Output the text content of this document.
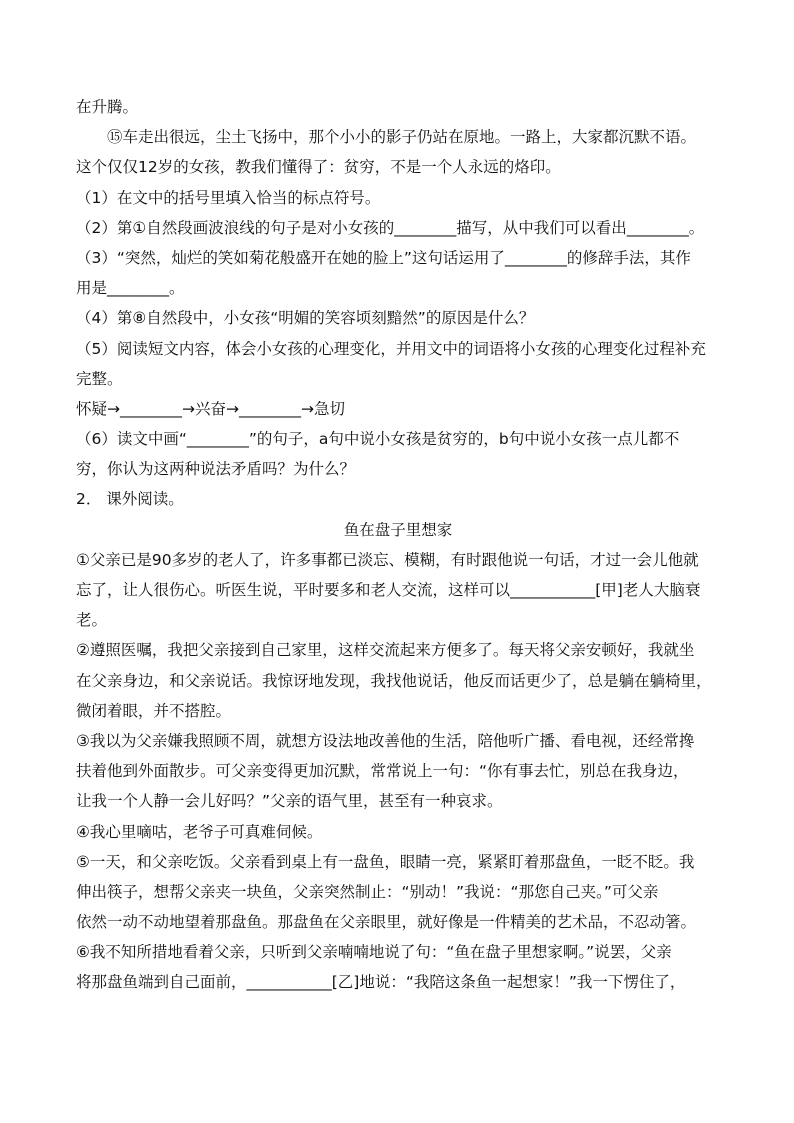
在升腾。
⑮车走出很远，尘土飞扬中，那个小小的影子仍站在原地。一路上，大家都沉默不语。
这个仅仅12岁的女孩，教我们懂得了：贫穷，不是一个人永远的烙印。
（1）在文中的括号里填入恰当的标点符号。
（2）第①自然段画波浪线的句子是对小女孩的________描写，从中我们可以看出________。
（3）“突然，灿烂的笑如菊花般盛开在她的脸上”这句话运用了________的修辞手法，其作
用是________。
（4）第⑧自然段中，小女孩“明媚的笑容顷刻黯然”的原因是什么？
（5）阅读短文内容，体会小女孩的心理变化，并用文中的词语将小女孩的心理变化过程补充
完整。
怀疑→________→兴奋→________→急切
（6）读文中画“________”的句子，a句中说小女孩是贫穷的，b句中说小女孩一点儿都不
穷，你认为这两种说法矛盾吗？为什么？
2． 课外阅读。
鱼在盘子里想家
①父亲已是90多岁的老人了，许多事都已淡忘、模糊，有时跟他说一句话，才过一会儿他就
忘了，让人很伤心。听医生说，平时要多和老人交流，这样可以___________[甲]老人大脑衰
老。
②遵照医嘱，我把父亲接到自己家里，这样交流起来方便多了。每天将父亲安顿好，我就坐
在父亲身边，和父亲说话。我惊讶地发现，我找他说话，他反而话更少了，总是躺在躺椅里，
微闭着眼，并不搭腔。
③我以为父亲嫌我照顾不周，就想方设法地改善他的生活，陪他听广播、看电视，还经常搀
扶着他到外面散步。可父亲变得更加沉默，常常说上一句：“你有事去忙，别总在我身边，
让我一个人静一会儿好吗？”父亲的语气里，甚至有一种哀求。
④我心里嘀咕，老爷子可真难伺候。
⑤一天，和父亲吃饭。父亲看到桌上有一盘鱼，眼睛一亮，紧紧盯着那盘鱼，一眨不眨。我
伸出筷子，想帮父亲夹一块鱼，父亲突然制止：“别动！”我说：“那您自己夹。”可父亲
依然一动不动地望着那盘鱼。那盘鱼在父亲眼里，就好像是一件精美的艺术品，不忍动箸。
⑥我不知所措地看着父亲，只听到父亲喃喃地说了句：“鱼在盘子里想家啊。”说罢，父亲
将那盘鱼端到自己面前，___________[乙]地说：“我陪这条鱼一起想家！”我一下愣住了，
